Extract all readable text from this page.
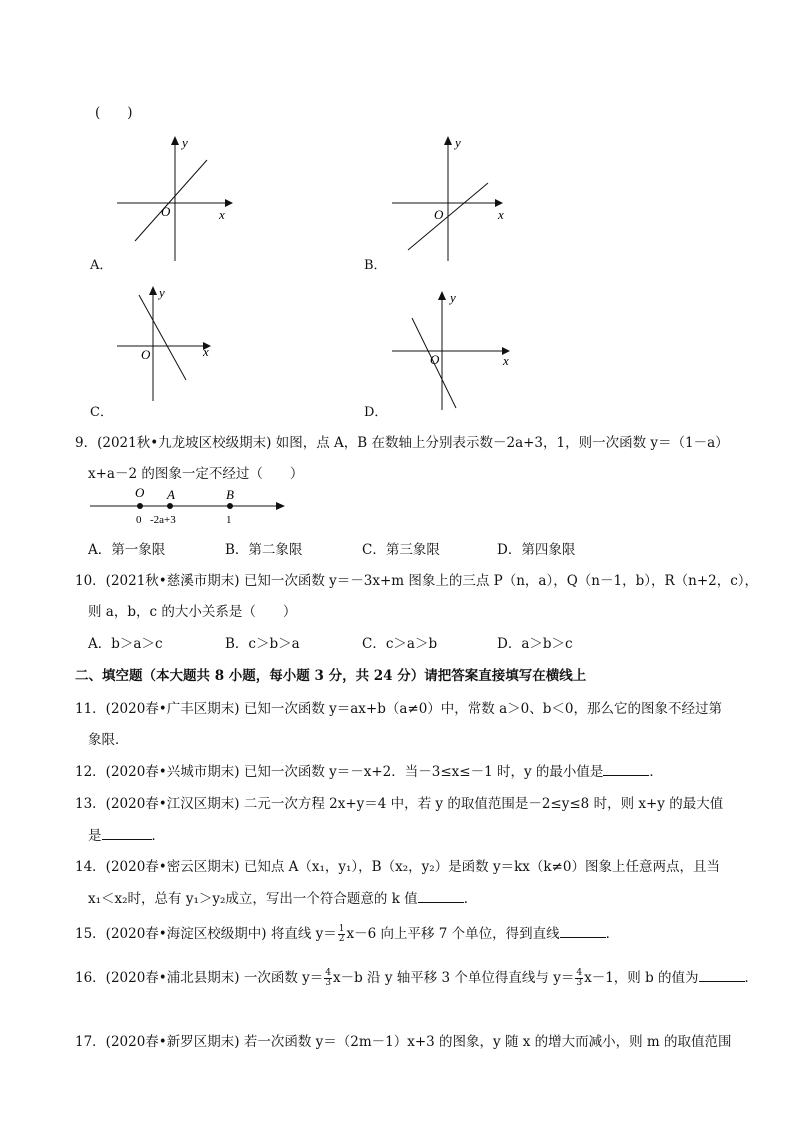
(　　)
y
x
O
A．
y
x
O
B．
y
x
O
C．
y
x
O
D．
9．(2021秋•九龙坡区校级期末) 如图，点 A，B 在数轴上分别表示数－2a+3，1，则一次函数 y＝（1－a）
x+a－2 的图象一定不经过（　　）
O A	B
0 -2a+3	1
A．第一象限	B．第二象限	C．第三象限	D．第四象限
10．(2021秋•慈溪市期末) 已知一次函数 y＝－3x+m 图象上的三点 P（n，a），Q（n－1，b），R（n+2，c），
则 a，b，c 的大小关系是（　　）
A．b＞a＞c	B．c＞b＞a	C．c＞a＞b	D．a＞b＞c
二、填空题（本大题共 8 小题，每小题 3 分，共 24 分）请把答案直接填写在横线上
11．(2020春•广丰区期末) 已知一次函数 y＝ax+b（a≠0）中，常数 a＞0、b＜0，那么它的图象不经过第
象限．
12．(2020春•兴城市期末) 已知一次函数 y＝－x+2．当－3≤x≤－1 时，y 的最小值是	．
13．(2020春•江汉区期末) 二元一次方程 2x+y＝4 中，若 y 的取值范围是－2≤y≤8 时，则 x+y 的最大值
是	．
14．(2020春•密云区期末) 已知点 A（x₁，y₁），B（x₂，y₂）是函数 y＝kx（k≠0）图象上任意两点，且当
x₁＜x₂时，总有 y₁＞y₂成立，写出一个符合题意的 k 值	．
15．(2020春•海淀区校级期中) 将直线 $y= \frac{1}{2} x-6$ 向上平移 7 个单位，得到直线	．
16．(2020春•浦北县期末) 一次函数 $y= \frac{4}{3} x-b$ 沿 y 轴平移 3 个单位得直线与 $y= \frac{4}{3} x-1$，则 b 的值为	．
17．(2020春•新罗区期末) 若一次函数 y＝（2m－1）x+3 的图象，y 随 x 的增大而减小，则 m 的取值范围
